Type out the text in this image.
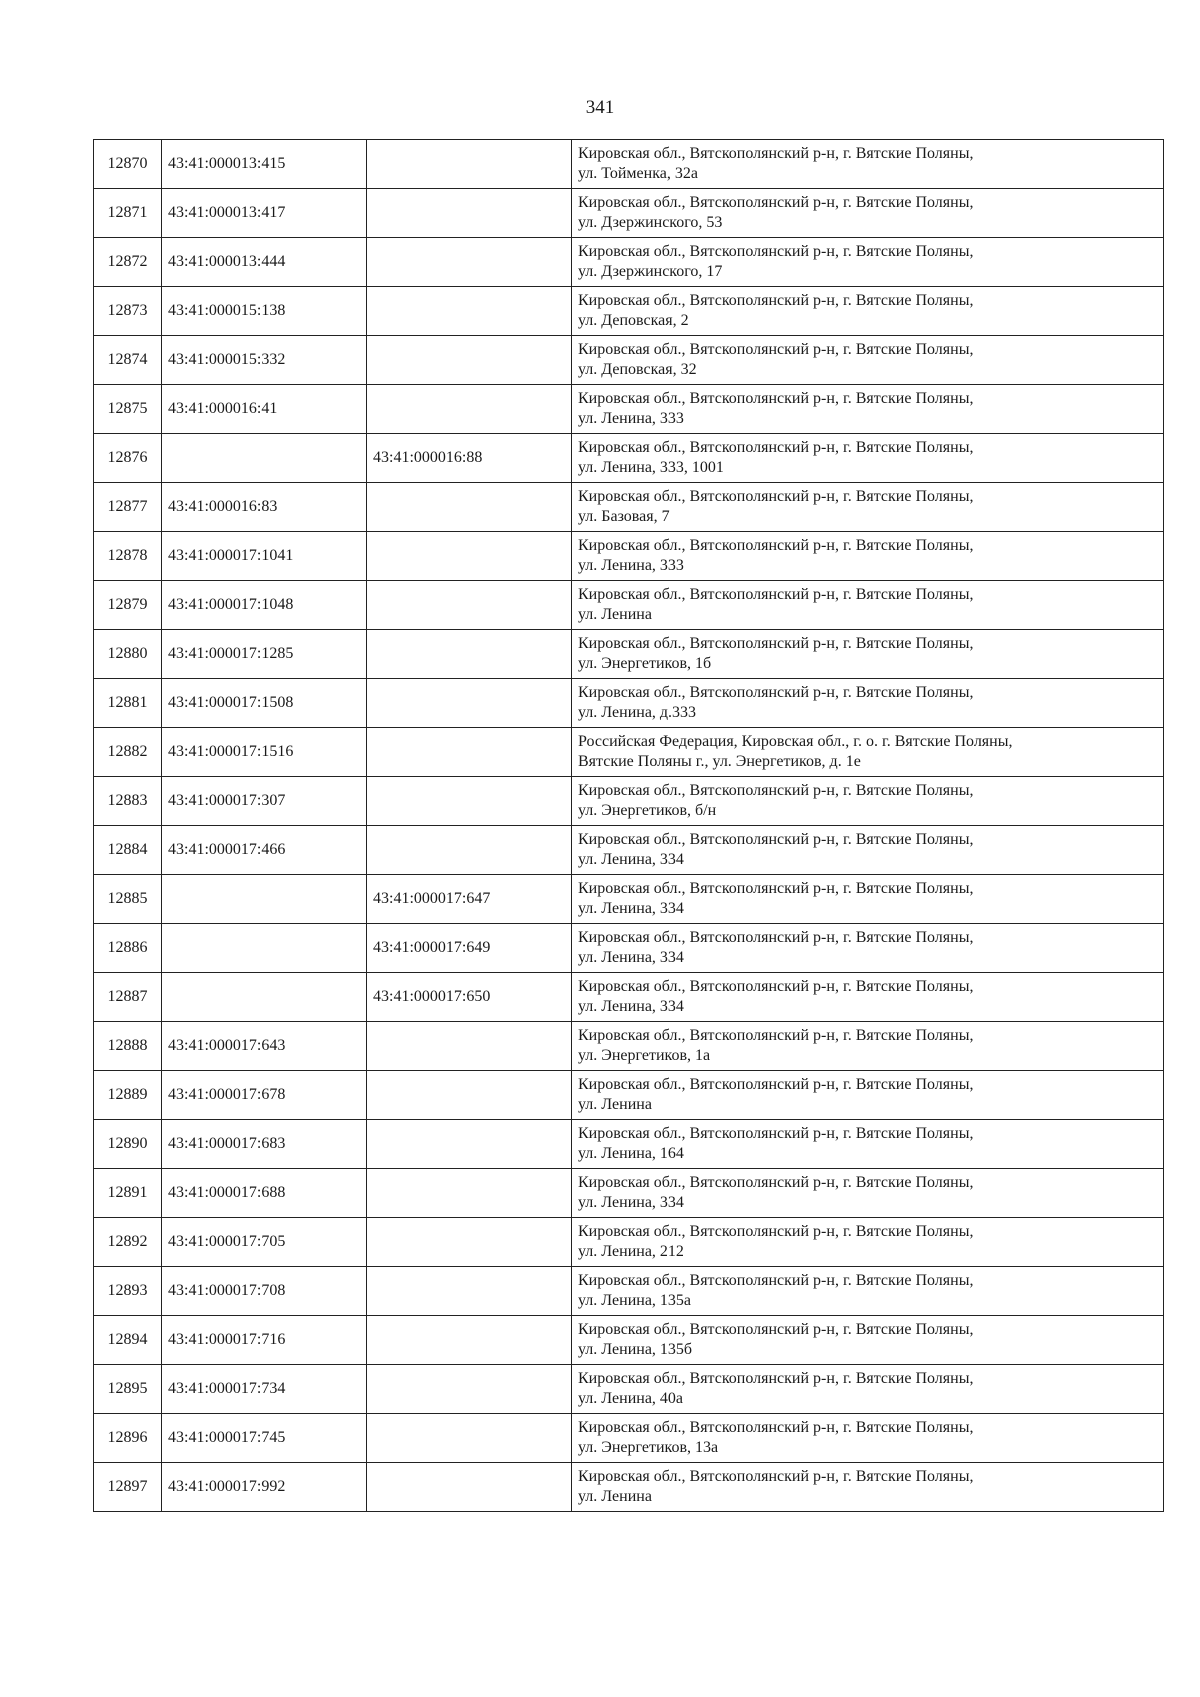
341
12870	43:41:000013:415		Кировская обл., Вятскополянский р-н, г. Вятские Поляны,
ул. Тойменка, 32а

12871	43:41:000013:417		Кировская обл., Вятскополянский р-н, г. Вятские Поляны,
ул. Дзержинского, 53

12872	43:41:000013:444		Кировская обл., Вятскополянский р-н, г. Вятские Поляны,
ул. Дзержинского, 17

12873	43:41:000015:138		Кировская обл., Вятскополянский р-н, г. Вятские Поляны,
ул. Деповская, 2

12874	43:41:000015:332		Кировская обл., Вятскополянский р-н, г. Вятские Поляны,
ул. Деповская, 32

12875	43:41:000016:41		Кировская обл., Вятскополянский р-н, г. Вятские Поляны,
ул. Ленина, 333

12876		43:41:000016:88	Кировская обл., Вятскополянский р-н, г. Вятские Поляны,
ул. Ленина, 333, 1001

12877	43:41:000016:83		Кировская обл., Вятскополянский р-н, г. Вятские Поляны,
ул. Базовая, 7

12878	43:41:000017:1041		Кировская обл., Вятскополянский р-н, г. Вятские Поляны,
ул. Ленина, 333

12879	43:41:000017:1048		Кировская обл., Вятскополянский р-н, г. Вятские Поляны,
ул. Ленина

12880	43:41:000017:1285		Кировская обл., Вятскополянский р-н, г. Вятские Поляны,
ул. Энергетиков, 1б

12881	43:41:000017:1508		Кировская обл., Вятскополянский р-н, г. Вятские Поляны,
ул. Ленина, д.333

12882	43:41:000017:1516		Российская Федерация, Кировская обл., г. о. г. Вятские Поляны,
Вятские Поляны г., ул. Энергетиков, д. 1е

12883	43:41:000017:307		Кировская обл., Вятскополянский р-н, г. Вятские Поляны,
ул. Энергетиков, б/н

12884	43:41:000017:466		Кировская обл., Вятскополянский р-н, г. Вятские Поляны,
ул. Ленина, 334

12885		43:41:000017:647	Кировская обл., Вятскополянский р-н, г. Вятские Поляны,
ул. Ленина, 334

12886		43:41:000017:649	Кировская обл., Вятскополянский р-н, г. Вятские Поляны,
ул. Ленина, 334

12887		43:41:000017:650	Кировская обл., Вятскополянский р-н, г. Вятские Поляны,
ул. Ленина, 334

12888	43:41:000017:643		Кировская обл., Вятскополянский р-н, г. Вятские Поляны,
ул. Энергетиков, 1а

12889	43:41:000017:678		Кировская обл., Вятскополянский р-н, г. Вятские Поляны,
ул. Ленина

12890	43:41:000017:683		Кировская обл., Вятскополянский р-н, г. Вятские Поляны,
ул. Ленина, 164

12891	43:41:000017:688		Кировская обл., Вятскополянский р-н, г. Вятские Поляны,
ул. Ленина, 334

12892	43:41:000017:705		Кировская обл., Вятскополянский р-н, г. Вятские Поляны,
ул. Ленина, 212

12893	43:41:000017:708		Кировская обл., Вятскополянский р-н, г. Вятские Поляны,
ул. Ленина, 135а

12894	43:41:000017:716		Кировская обл., Вятскополянский р-н, г. Вятские Поляны,
ул. Ленина, 135б

12895	43:41:000017:734		Кировская обл., Вятскополянский р-н, г. Вятские Поляны,
ул. Ленина, 40а

12896	43:41:000017:745		Кировская обл., Вятскополянский р-н, г. Вятские Поляны,
ул. Энергетиков, 13а

12897	43:41:000017:992		Кировская обл., Вятскополянский р-н, г. Вятские Поляны,
ул. Ленина
